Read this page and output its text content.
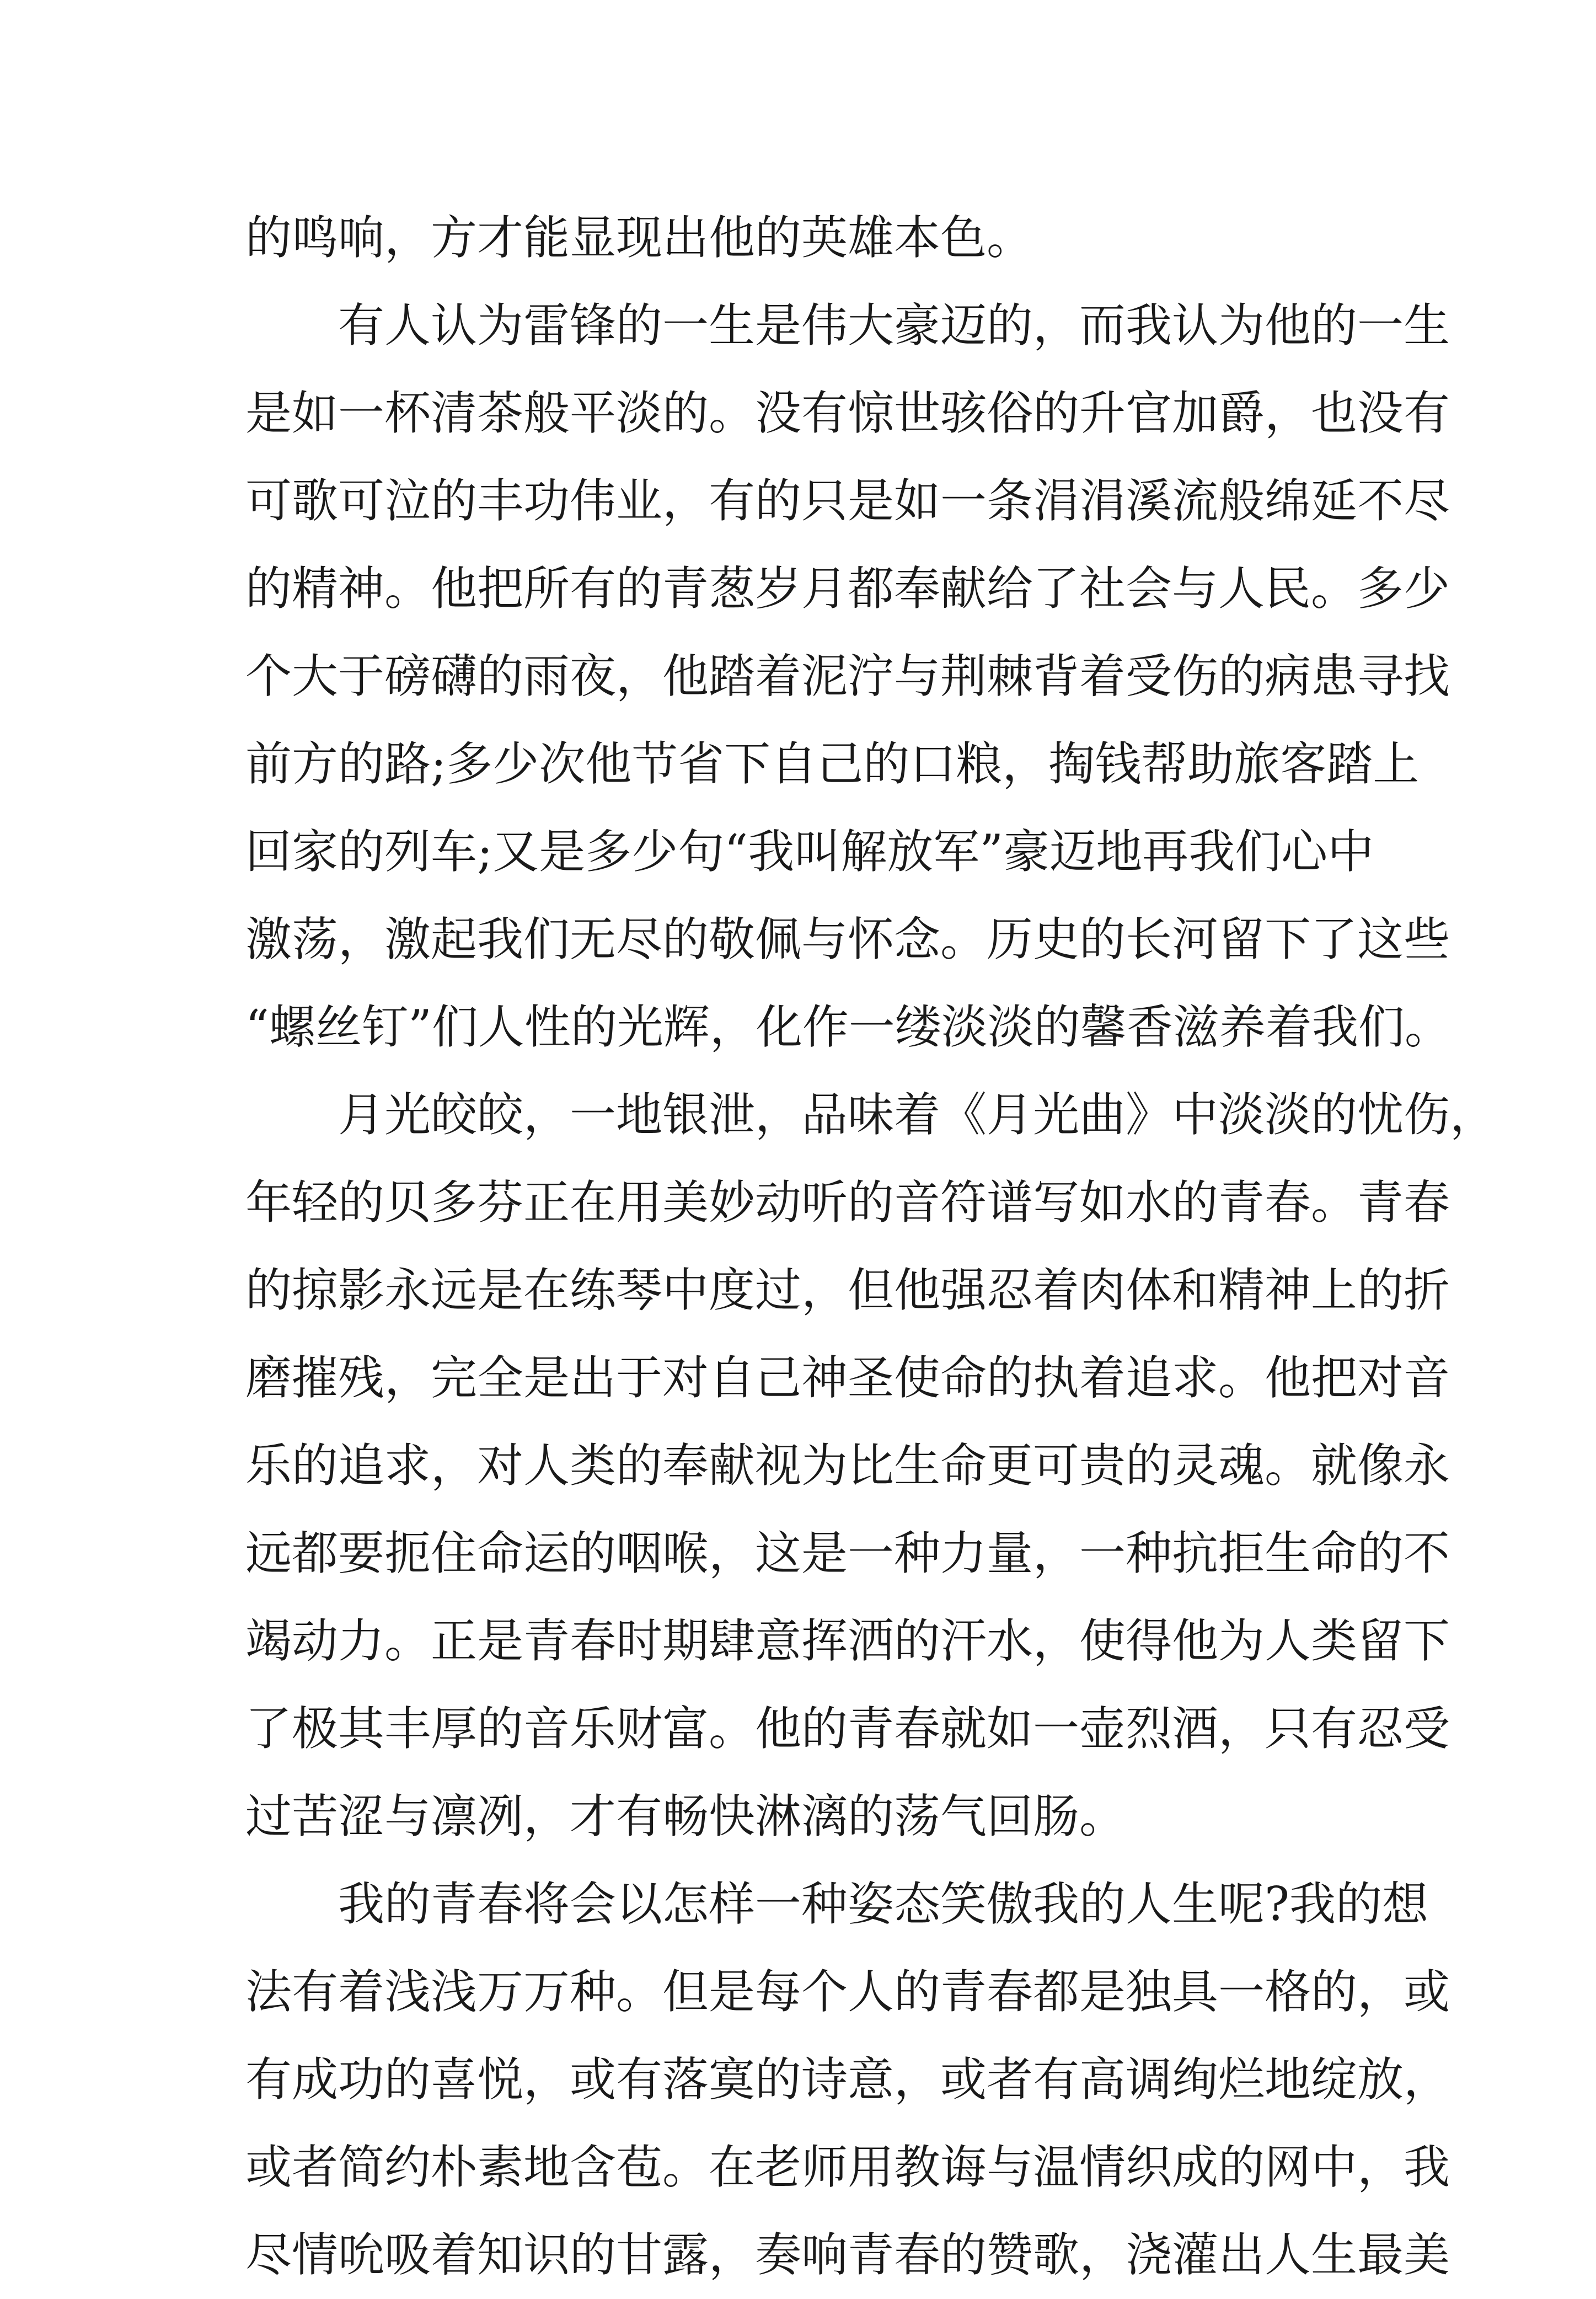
的鸣响，方才能显现出他的英雄本色。
有人认为雷锋的一生是伟大豪迈的，而我认为他的一生
是如一杯清茶般平淡的。没有惊世骇俗的升官加爵，也没有
可歌可泣的丰功伟业，有的只是如一条涓涓溪流般绵延不尽
的精神。他把所有的青葱岁月都奉献给了社会与人民。多少
个大于磅礴的雨夜，他踏着泥泞与荆棘背着受伤的病患寻找
前方的路;多少次他节省下自己的口粮，掏钱帮助旅客踏上
回家的列车;又是多少句“我叫解放军”豪迈地再我们心中
激荡，激起我们无尽的敬佩与怀念。历史的长河留下了这些
“螺丝钉”们人性的光辉，化作一缕淡淡的馨香滋养着我们。
月光皎皎，一地银泄，品味着《月光曲》中淡淡的忧伤，
年轻的贝多芬正在用美妙动听的音符谱写如水的青春。青春
的掠影永远是在练琴中度过，但他强忍着肉体和精神上的折
磨摧残，完全是出于对自己神圣使命的执着追求。他把对音
乐的追求，对人类的奉献视为比生命更可贵的灵魂。就像永
远都要扼住命运的咽喉，这是一种力量，一种抗拒生命的不
竭动力。正是青春时期肆意挥洒的汗水，使得他为人类留下
了极其丰厚的音乐财富。他的青春就如一壶烈酒，只有忍受
过苦涩与凛冽，才有畅快淋漓的荡气回肠。
我的青春将会以怎样一种姿态笑傲我的人生呢?我的想
法有着浅浅万万种。但是每个人的青春都是独具一格的，或
有成功的喜悦，或有落寞的诗意，或者有高调绚烂地绽放，
或者简约朴素地含苞。在老师用教诲与温情织成的网中，我
尽情吮吸着知识的甘露，奏响青春的赞歌，浇灌出人生最美
